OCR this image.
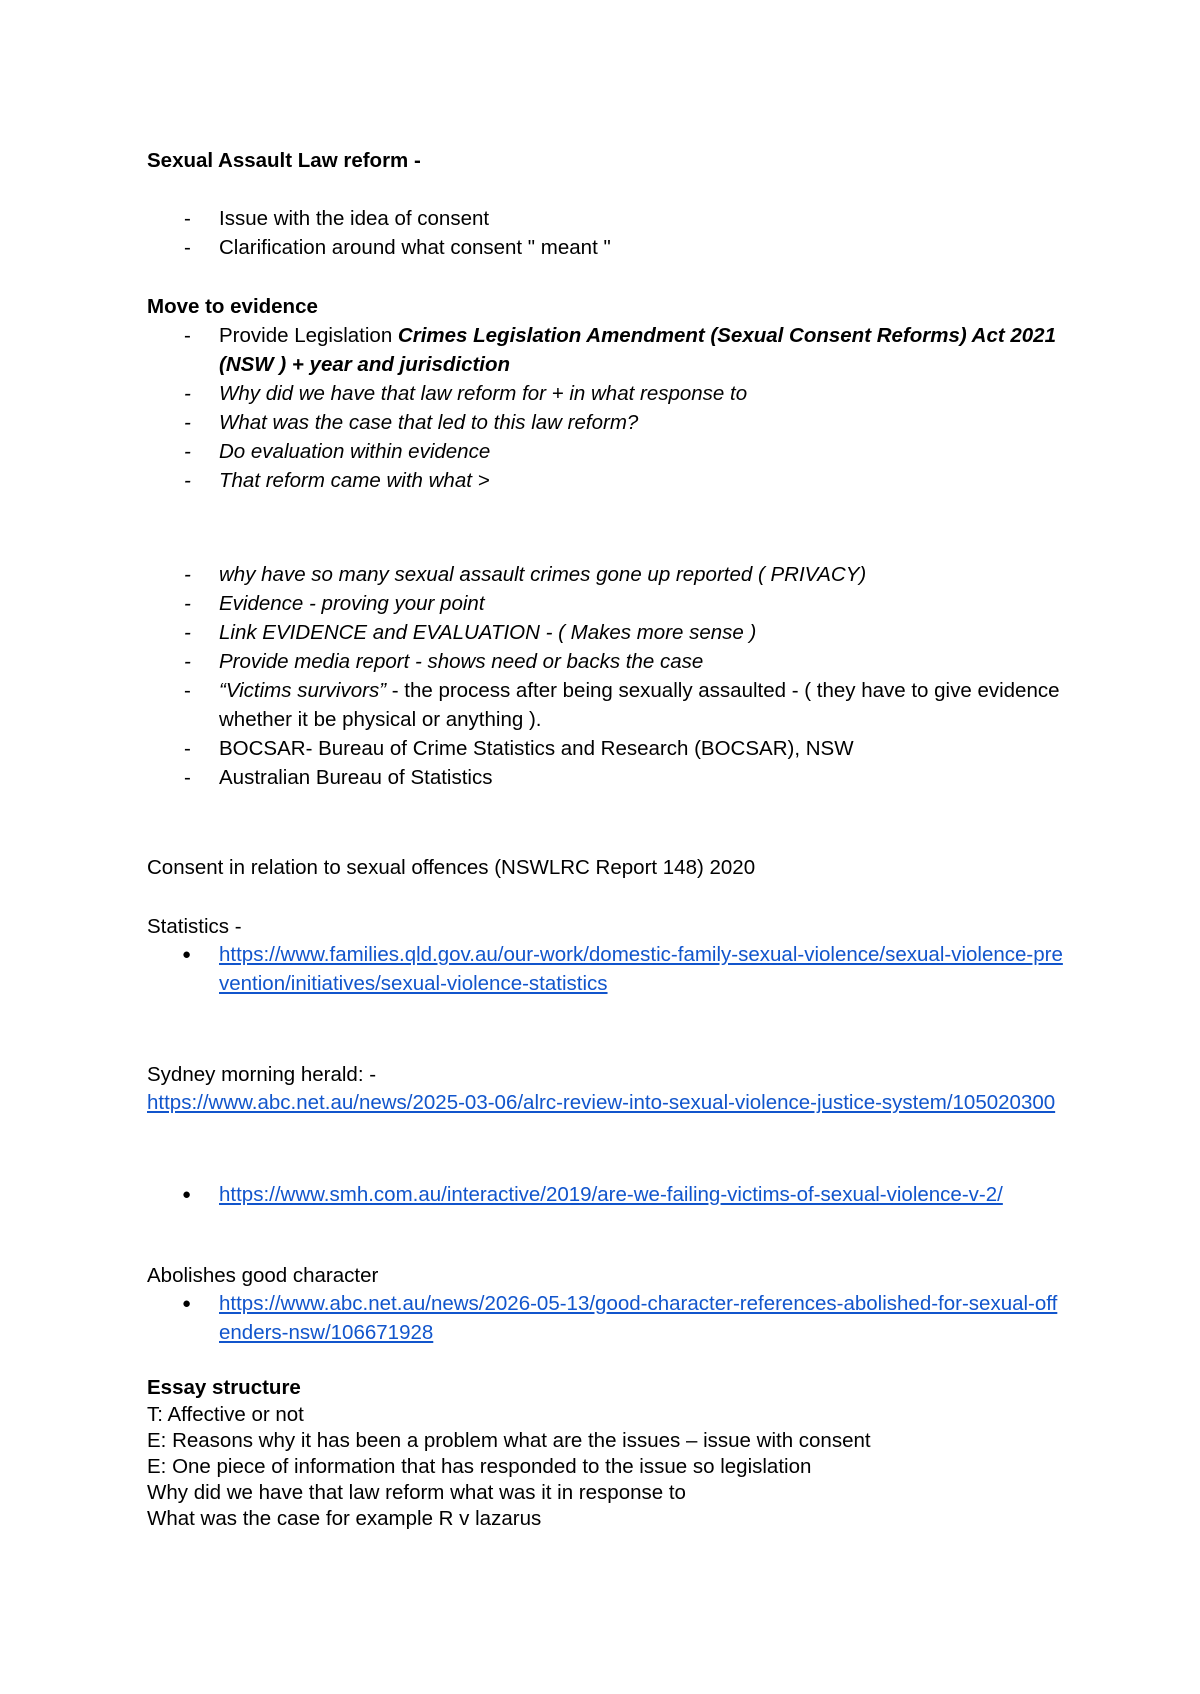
Sexual Assault Law reform -

- Issue with the idea of consent
- Clarification around what consent " meant "

Move to evidence

- Provide Legislation Crimes Legislation Amendment (Sexual Consent Reforms) Act 2021 (NSW ) + year and jurisdiction
- Why did we have that law reform for + in what response to
- What was the case that led to this law reform?
- Do evaluation within evidence
- That reform came with what >
- why have so many sexual assault crimes gone up reported ( PRIVACY)
- Evidence - proving your point
- Link EVIDENCE and EVALUATION - ( Makes more sense )
- Provide media report - shows need or backs the case
- “Victims survivors” - the process after being sexually assaulted - ( they have to give evidence whether it be physical or anything ).
- BOCSAR- Bureau of Crime Statistics and Research (BOCSAR), NSW
- Australian Bureau of Statistics

Consent in relation to sexual offences (NSWLRC Report 148) 2020

Statistics -

● https://www.families.qld.gov.au/our-work/domestic-family-sexual-violence/sexual-violence-prevention/initiatives/sexual-violence-statistics

Sydney morning herald: -

https://www.abc.net.au/news/2025-03-06/alrc-review-into-sexual-violence-justice-system/105020300

● https://www.smh.com.au/interactive/2019/are-we-failing-victims-of-sexual-violence-v-2/

Abolishes good character

● https://www.abc.net.au/news/2026-05-13/good-character-references-abolished-for-sexual-offenders-nsw/106671928

Essay structure

T: Affective or not

E: Reasons why it has been a problem what are the issues – issue with consent

E: One piece of information that has responded to the issue so legislation

Why did we have that law reform what was it in response to

What was the case for example R v lazarus
